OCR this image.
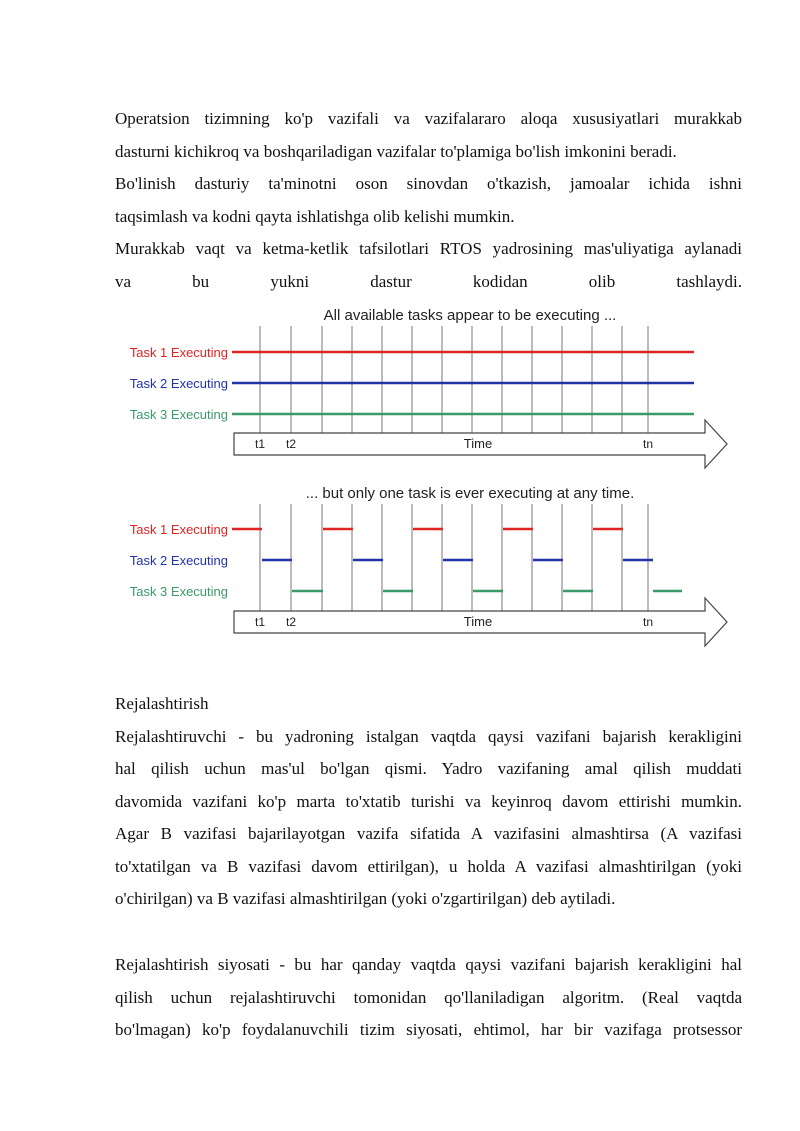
Operatsion tizimning ko'p vazifali va vazifalararo aloqa xususiyatlari murakkab

dasturni kichikroq va boshqariladigan vazifalar to'plamiga bo'lish imkonini beradi.

Bo'linish dasturiy ta'minotni oson sinovdan o'tkazish, jamoalar ichida ishni

taqsimlash va kodni qayta ishlatishga olib kelishi mumkin.

Murakkab vaqt va ketma-ketlik tafsilotlari RTOS yadrosining mas'uliyatiga aylanadi

va bu yukni dastur kodidan olib tashlaydi.

All available tasks appear to be executing ...
Task 1 Executing
Task 2 Executing
Task 3 Executing
t1 t2	Time	tn
... but only one task is ever executing at any time.
Task 1 Executing
Task 2 Executing
Task 3 Executing
t1 t2	Time	tn

Rejalashtirish

Rejalashtiruvchi - bu yadroning istalgan vaqtda qaysi vazifani bajarish kerakligini

hal qilish uchun mas'ul bo'lgan qismi. Yadro vazifaning amal qilish muddati

davomida vazifani ko'p marta to'xtatib turishi va keyinroq davom ettirishi mumkin.

Agar B vazifasi bajarilayotgan vazifa sifatida A vazifasini almashtirsa (A vazifasi

to'xtatilgan va B vazifasi davom ettirilgan), u holda A vazifasi almashtirilgan (yoki

o'chirilgan) va B vazifasi almashtirilgan (yoki o'zgartirilgan) deb aytiladi.

Rejalashtirish siyosati - bu har qanday vaqtda qaysi vazifani bajarish kerakligini hal

qilish uchun rejalashtiruvchi tomonidan qo'llaniladigan algoritm. (Real vaqtda

bo'lmagan) ko'p foydalanuvchili tizim siyosati, ehtimol, har bir vazifaga protsessor
